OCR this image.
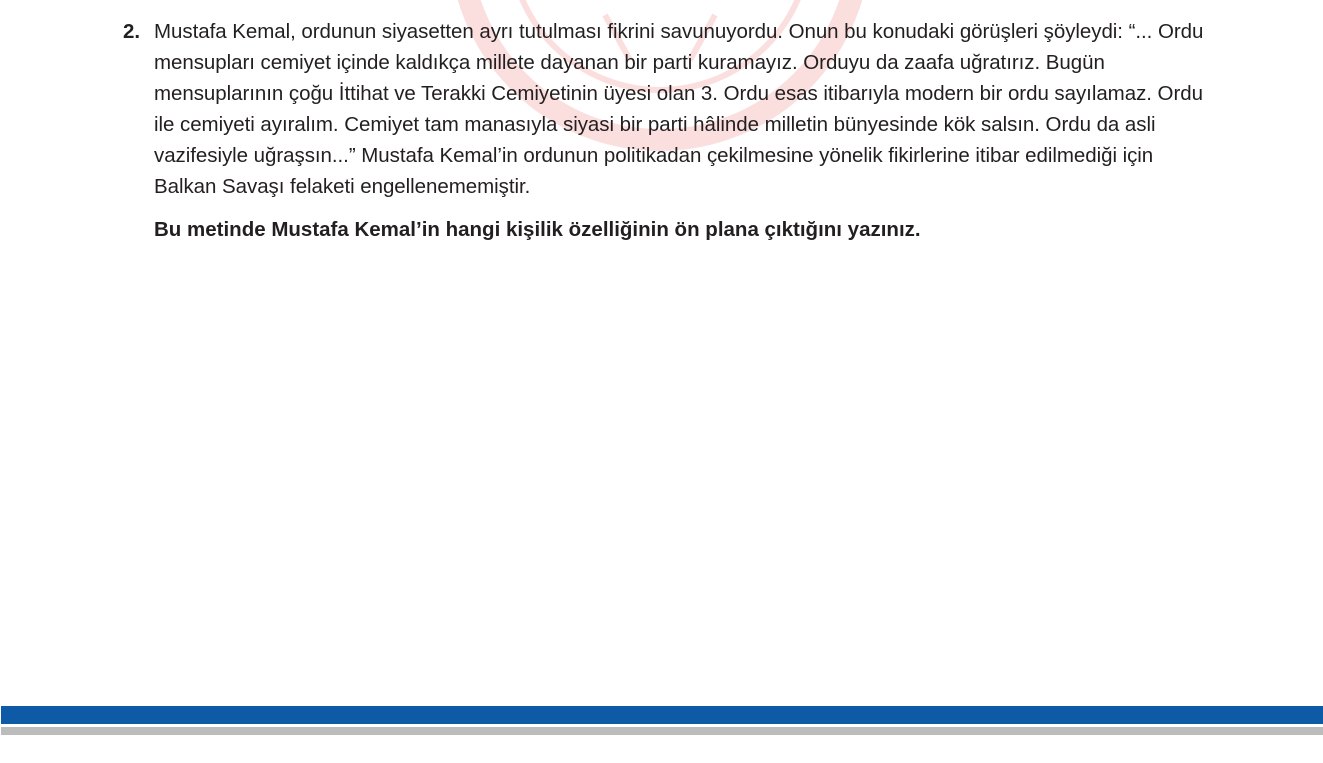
2. Mustafa Kemal, ordunun siyasetten ayrı tutulması fikrini savunuyordu. Onun bu konudaki görüşleri şöyleydi: “... Ordu mensupları cemiyet içinde kaldıkça millete dayanan bir parti kuramayız. Orduyu da zaafa uğratırız. Bugün mensuplarının çoğu İttihat ve Terakki Cemiyetinin üyesi olan 3. Ordu esas itibarıyla modern bir ordu sayılamaz. Ordu ile cemiyeti ayıralım. Cemiyet tam manasıyla siyasi bir parti hâlinde milletin bünyesinde kök salsın. Ordu da asli vazifesiyle uğraşsın...” Mustafa Kemal’in ordunun politikadan çekilmesine yönelik fikirlerine itibar edilmediği için Balkan Savaşı felaketi engellenememiştir.

Bu metinde Mustafa Kemal’in hangi kişilik özelliğinin ön plana çıktığını yazınız.
